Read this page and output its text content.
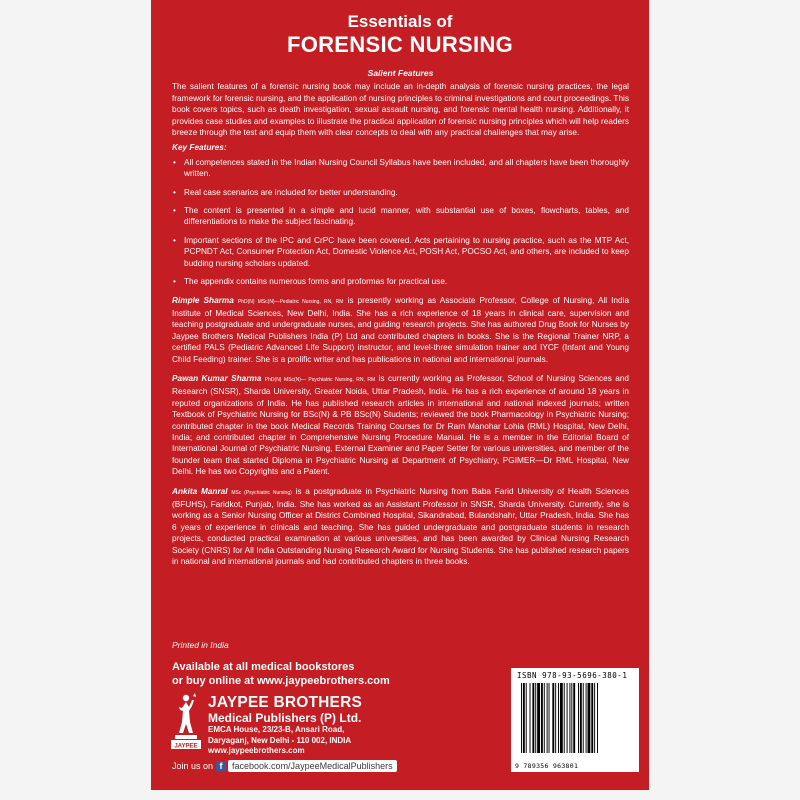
Essentials of
FORENSIC NURSING
Salient Features

The salient features of a forensic nursing book may include an in-depth analysis of forensic nursing practices, the legal framework for forensic nursing, and the application of nursing principles to criminal investigations and court proceedings. This book covers topics, such as death investigation, sexual assault nursing, and forensic mental health nursing. Additionally, it provides case studies and examples to illustrate the practical application of forensic nursing principles which will help readers breeze through the test and equip them with clear concepts to deal with any practical challenges that may arise.

Key Features:
• All competences stated in the Indian Nursing Council Syllabus have been included, and all chapters have been thoroughly written.
• Real case scenarios are included for better understanding.
• The content is presented in a simple and lucid manner, with substantial use of boxes, flowcharts, tables, and differentiations to make the subject fascinating.
• Important sections of the IPC and CrPC have been covered. Acts pertaining to nursing practice, such as the MTP Act, PCPNDT Act, Consumer Protection Act, Domestic Violence Act, POSH Act, POCSO Act, and others, are included to keep budding nursing scholars updated.
• The appendix contains numerous forms and proformas for practical use.

Rimple Sharma PhD(N) MSc(N)—Pediatric Nursing, RN, RM is presently working as Associate Professor, College of Nursing, All India Institute of Medical Sciences, New Delhi, India. She has a rich experience of 18 years in clinical care, supervision and teaching postgraduate and undergraduate nurses, and guiding research projects. She has authored Drug Book for Nurses by Jaypee Brothers Medical Publishers India (P) Ltd and contributed chapters in books. She is the Regional Trainer NRP, a certified PALS (Pediatric Advanced Life Support) instructor, and level-three simulation trainer and IYCF (Infant and Young Child Feeding) trainer. She is a prolific writer and has publications in national and international journals.

Pawan Kumar Sharma PhD(N) MSc(N)— Psychiatric Nursing, RN, RM is currently working as Professor, School of Nursing Sciences and Research (SNSR), Sharda University, Greater Noida, Uttar Pradesh, India. He has a rich experience of around 18 years in reputed organizations of India. He has published research articles in international and national indexed journals; written Textbook of Psychiatric Nursing for BSc(N) & PB BSc(N) Students; reviewed the book Pharmacology in Psychiatric Nursing; contributed chapter in the book Medical Records Training Courses for Dr Ram Manohar Lohia (RML) Hospital, New Delhi, India; and contributed chapter in Comprehensive Nursing Procedure Manual. He is a member in the Editorial Board of International Journal of Psychiatric Nursing, External Examiner and Paper Setter for various universities, and member of the founder team that started Diploma in Psychiatric Nursing at Department of Psychiatry, PGIMER—Dr RML Hospital, New Delhi. He has two Copyrights and a Patent.

Ankita Manral MSc (Psychiatric Nursing) is a postgraduate in Psychiatric Nursing from Baba Farid University of Health Sciences (BFUHS), Faridkot, Punjab, India. She has worked as an Assistant Professor in SNSR, Sharda University. Currently, she is working as a Senior Nursing Officer at District Combined Hospital, Sikandrabad, Bulandshahr, Uttar Pradesh, India. She has 6 years of experience in clinicals and teaching. She has guided undergraduate and postgraduate students in research projects, conducted practical examination at various universities, and has been awarded by Clinical Nursing Research Society (CNRS) for All India Outstanding Nursing Research Award for Nursing Students. She has published research papers in national and international journals and had contributed chapters in three books.

Printed in India
Available at all medical bookstores
or buy online at www.jaypeebrothers.com
JAYPEE
JAYPEE BROTHERS
Medical Publishers (P) Ltd.
EMCA House, 23/23-B, Ansari Road,
Daryaganj, New Delhi - 110 002, INDIA
www.jaypeebrothers.com
Join us on f	facebook.com/JaypeeMedicalPublishers
ISBN 978-93-5696-380-1
9 789356 963801
